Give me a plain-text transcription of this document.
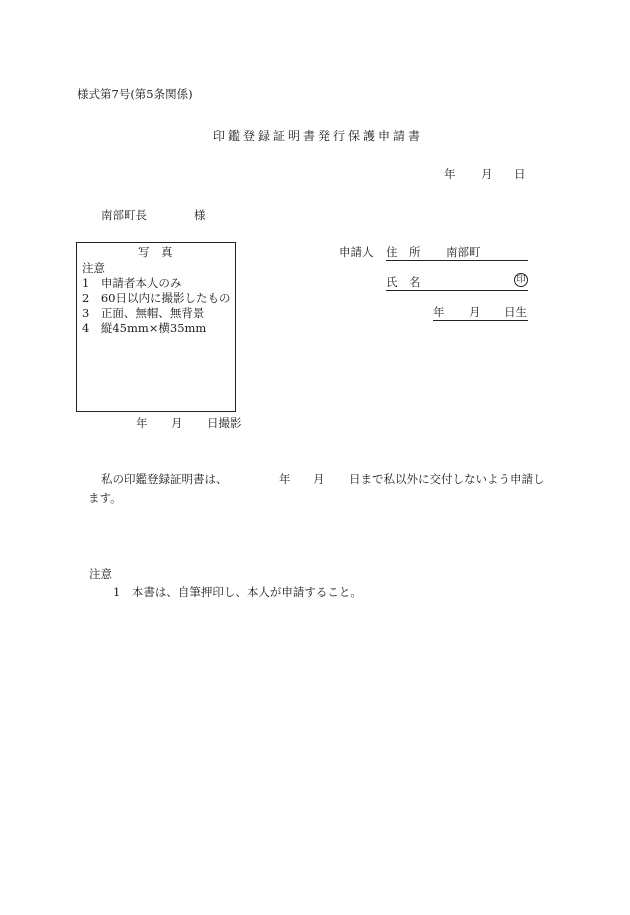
様式第7号(第5条関係)
印鑑登録証明書発行保護申請書
年 月 日
南部町長	様
写　真
注意
1　申請者本人のみ
2　60日以内に撮影したもの
3　正面、無帽、無背景
4　縦45mm×横35mm
年 月 日撮影
申請人 住　所 南部町
氏　名	印
年 月 日生
私の印鑑登録証明書は、	年 月 日まで私以外に交付しないよう申請し
ます。
注意
1　本書は、自筆押印し、本人が申請すること。
